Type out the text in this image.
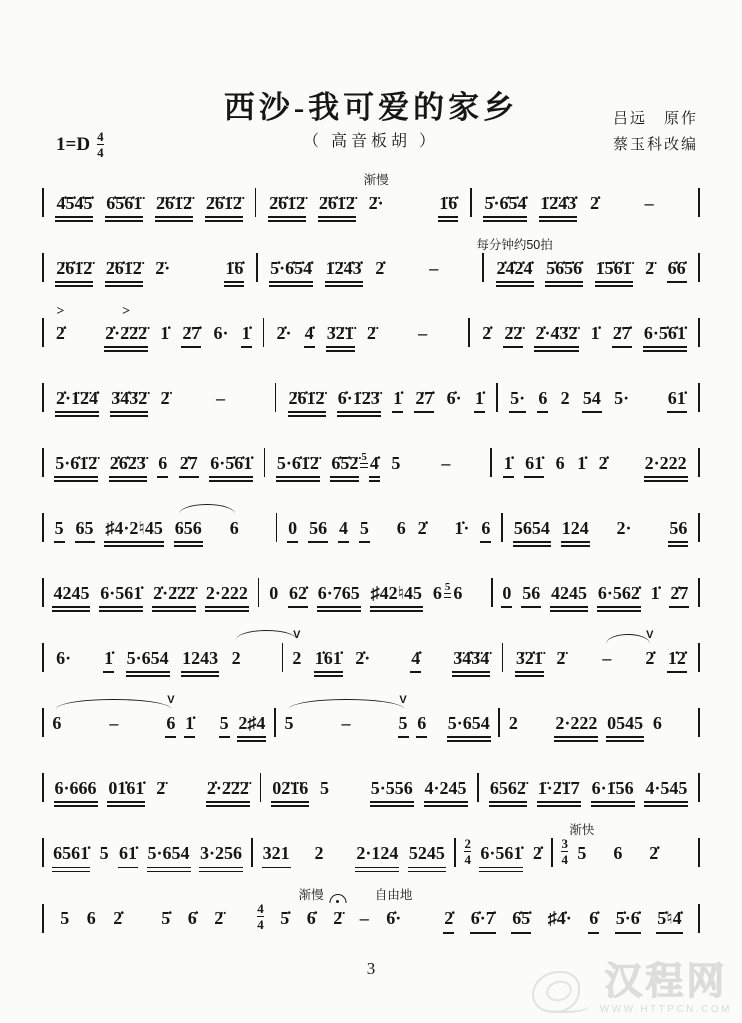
西沙-我可爱的家乡
（ 高音板胡 ）
吕远　原作
蔡玉科改编
$1=D \frac{4}{4}$
4̇5̇4̇5̇ 6̇5̇6̇1̈ 2̈6̇1̈2̈ 2̈6̇1̈2̈ 2̈6̇1̈2̈ 2̈6̇1̈2̈ 2̈·
渐慢
1̈6̇ 5̇·6̇5̇4̇ 1̈2̈4̇3̇ 2̇	–
2̈6̇1̈2̈ 2̈6̇1̈2̈ 2̈·	1̈6̇ 5̇·6̇5̇4̇ 1̈2̈4̇3̇ 2̇	–	2̇4̇2̇4̇
每分钟约50拍
5̇6̇5̇6̇ 1̈5̇6̇1̈ 2̈ 6̇6̇
2̇
>
2̇·2̈2̈2̈
>
1̇ 2̈7̇ 6· 1̇ 2̇· 4̇ 3̈2̈1̈ 2̈ –	2̇ 2̈2̈ 2̇·4̈3̈2̈ 1̇ 2̈7̇ 6·5̇6̇1̇
2̇·1̈2̈4̇ 3̈4̇3̈2̈ 2̈	–	2̈6̇1̈2̈ 6̇·1̈2̈3̈ 1̇ 2̈7̇ 6̇· 1̇ 5· 6 2 54 5· 61̇
5·6̇1̈2̈ 2̇6̇2̈3̈ 6 2̇7 6·5̇6̇1̇ 5·6̇1̈2̈ 6̇5̇2̈ 5 4̇ 5 –	1̇ 61̇ 6 1̇ 2̇ 2·222
5 65 ♯4·2♮45 656 6	0 56 4 5 6 2̇ 1̇· 6 5654 124 2· 56
4245 6·561̇ 2̇·2̈2̈2̈ 2·222 0 62̇ 6·765 ♯42♮45 6 5 6 0 56 4245 6·562̇ 1̇ 2̇7
6· 1̇ 5·654 1243 2	2
V
1̇61̇ 2̇· 4̇ 3̈4̇3̈4̈ 3̈2̇1̈ 2̈ – 2̇
V
1̇2̇
6	–	6
V
1̇ 5 2♯4 5	–	5
V
6 5·654 2 2·222 0545 6
6·666 01̇61̇ 2̈ 2̇·2̈2̈2̈ 02̈1̈6 5 5·556 4·245 6562̈ 1̈·2̈1̈7 6·1̈56 4·545
6561̇ 5 61̇ 5·654 3·256 321 2 2·124 $5245 \frac{2}{4}$ 6·561̇ 2̇ $\frac{3}{4} 5$
渐快
6 2̇
5 6 2̇ 5̇ 6̇ 2̈	$\frac{4}{4}$ 5̇ 6̇
渐慢
2̈ – 6̇·
自由地
2̇ 6̇·7̇ 6̇5̇ ♯4̇· 6̇ 5̇·6̇ 5̇♮4̇
3	汉程网
WWW.HTTPCN.COM
